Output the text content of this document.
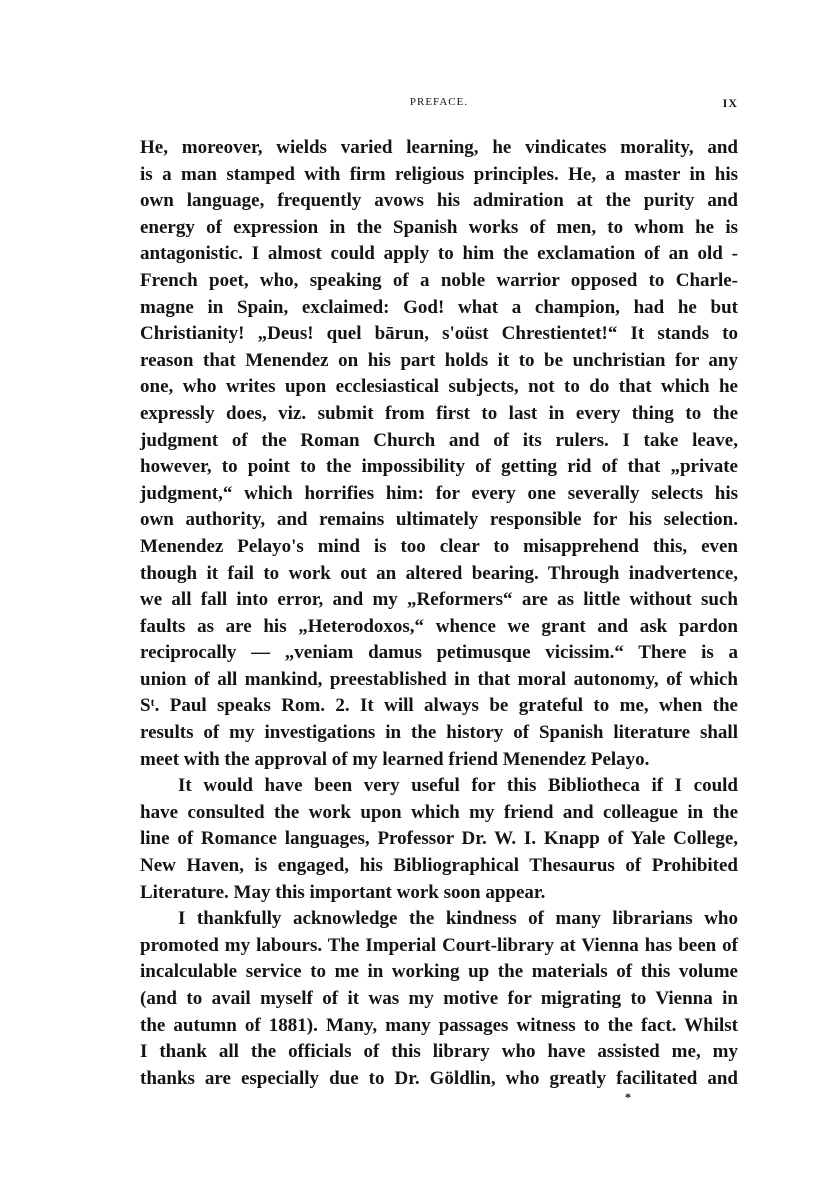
PREFACE.	IX
He, moreover, wields varied learning, he vindicates morality, and
is a man stamped with firm religious principles. He, a master in his
own language, frequently avows his admiration at the purity and
energy of expression in the Spanish works of men, to whom he is
antagonistic. I almost could apply to him the exclamation of an old -
French poet, who, speaking of a noble warrior opposed to Charle-
magne in Spain, exclaimed: God! what a champion, had he but
Christianity! „Deus! quel bārun, s'oüst Chrestientet!“ It stands to
reason that Menendez on his part holds it to be unchristian for any
one, who writes upon ecclesiastical subjects, not to do that which he
expressly does, viz. submit from first to last in every thing to the
judgment of the Roman Church and of its rulers. I take leave,
however, to point to the impossibility of getting rid of that „private
judgment,“ which horrifies him: for every one severally selects his
own authority, and remains ultimately responsible for his selection.
Menendez Pelayo's mind is too clear to misapprehend this, even
though it fail to work out an altered bearing. Through inadvertence,
we all fall into error, and my „Reformers“ are as little without such
faults as are his „Heterodoxos,“ whence we grant and ask pardon
reciprocally — „veniam damus petimusque vicissim.“ There is a
union of all mankind, preestablished in that moral autonomy, of which
Sᵗ. Paul speaks Rom. 2. It will always be grateful to me, when the
results of my investigations in the history of Spanish literature shall
meet with the approval of my learned friend Menendez Pelayo.
It would have been very useful for this Bibliotheca if I could
have consulted the work upon which my friend and colleague in the
line of Romance languages, Professor Dr. W. I. Knapp of Yale College,
New Haven, is engaged, his Bibliographical Thesaurus of Prohibited
Literature. May this important work soon appear.
I thankfully acknowledge the kindness of many librarians who
promoted my labours. The Imperial Court-library at Vienna has been of
incalculable service to me in working up the materials of this volume
(and to avail myself of it was my motive for migrating to Vienna in
the autumn of 1881). Many, many passages witness to the fact. Whilst
I thank all the officials of this library who have assisted me, my
thanks are especially due to Dr. Göldlin, who greatly facilitated and
*
